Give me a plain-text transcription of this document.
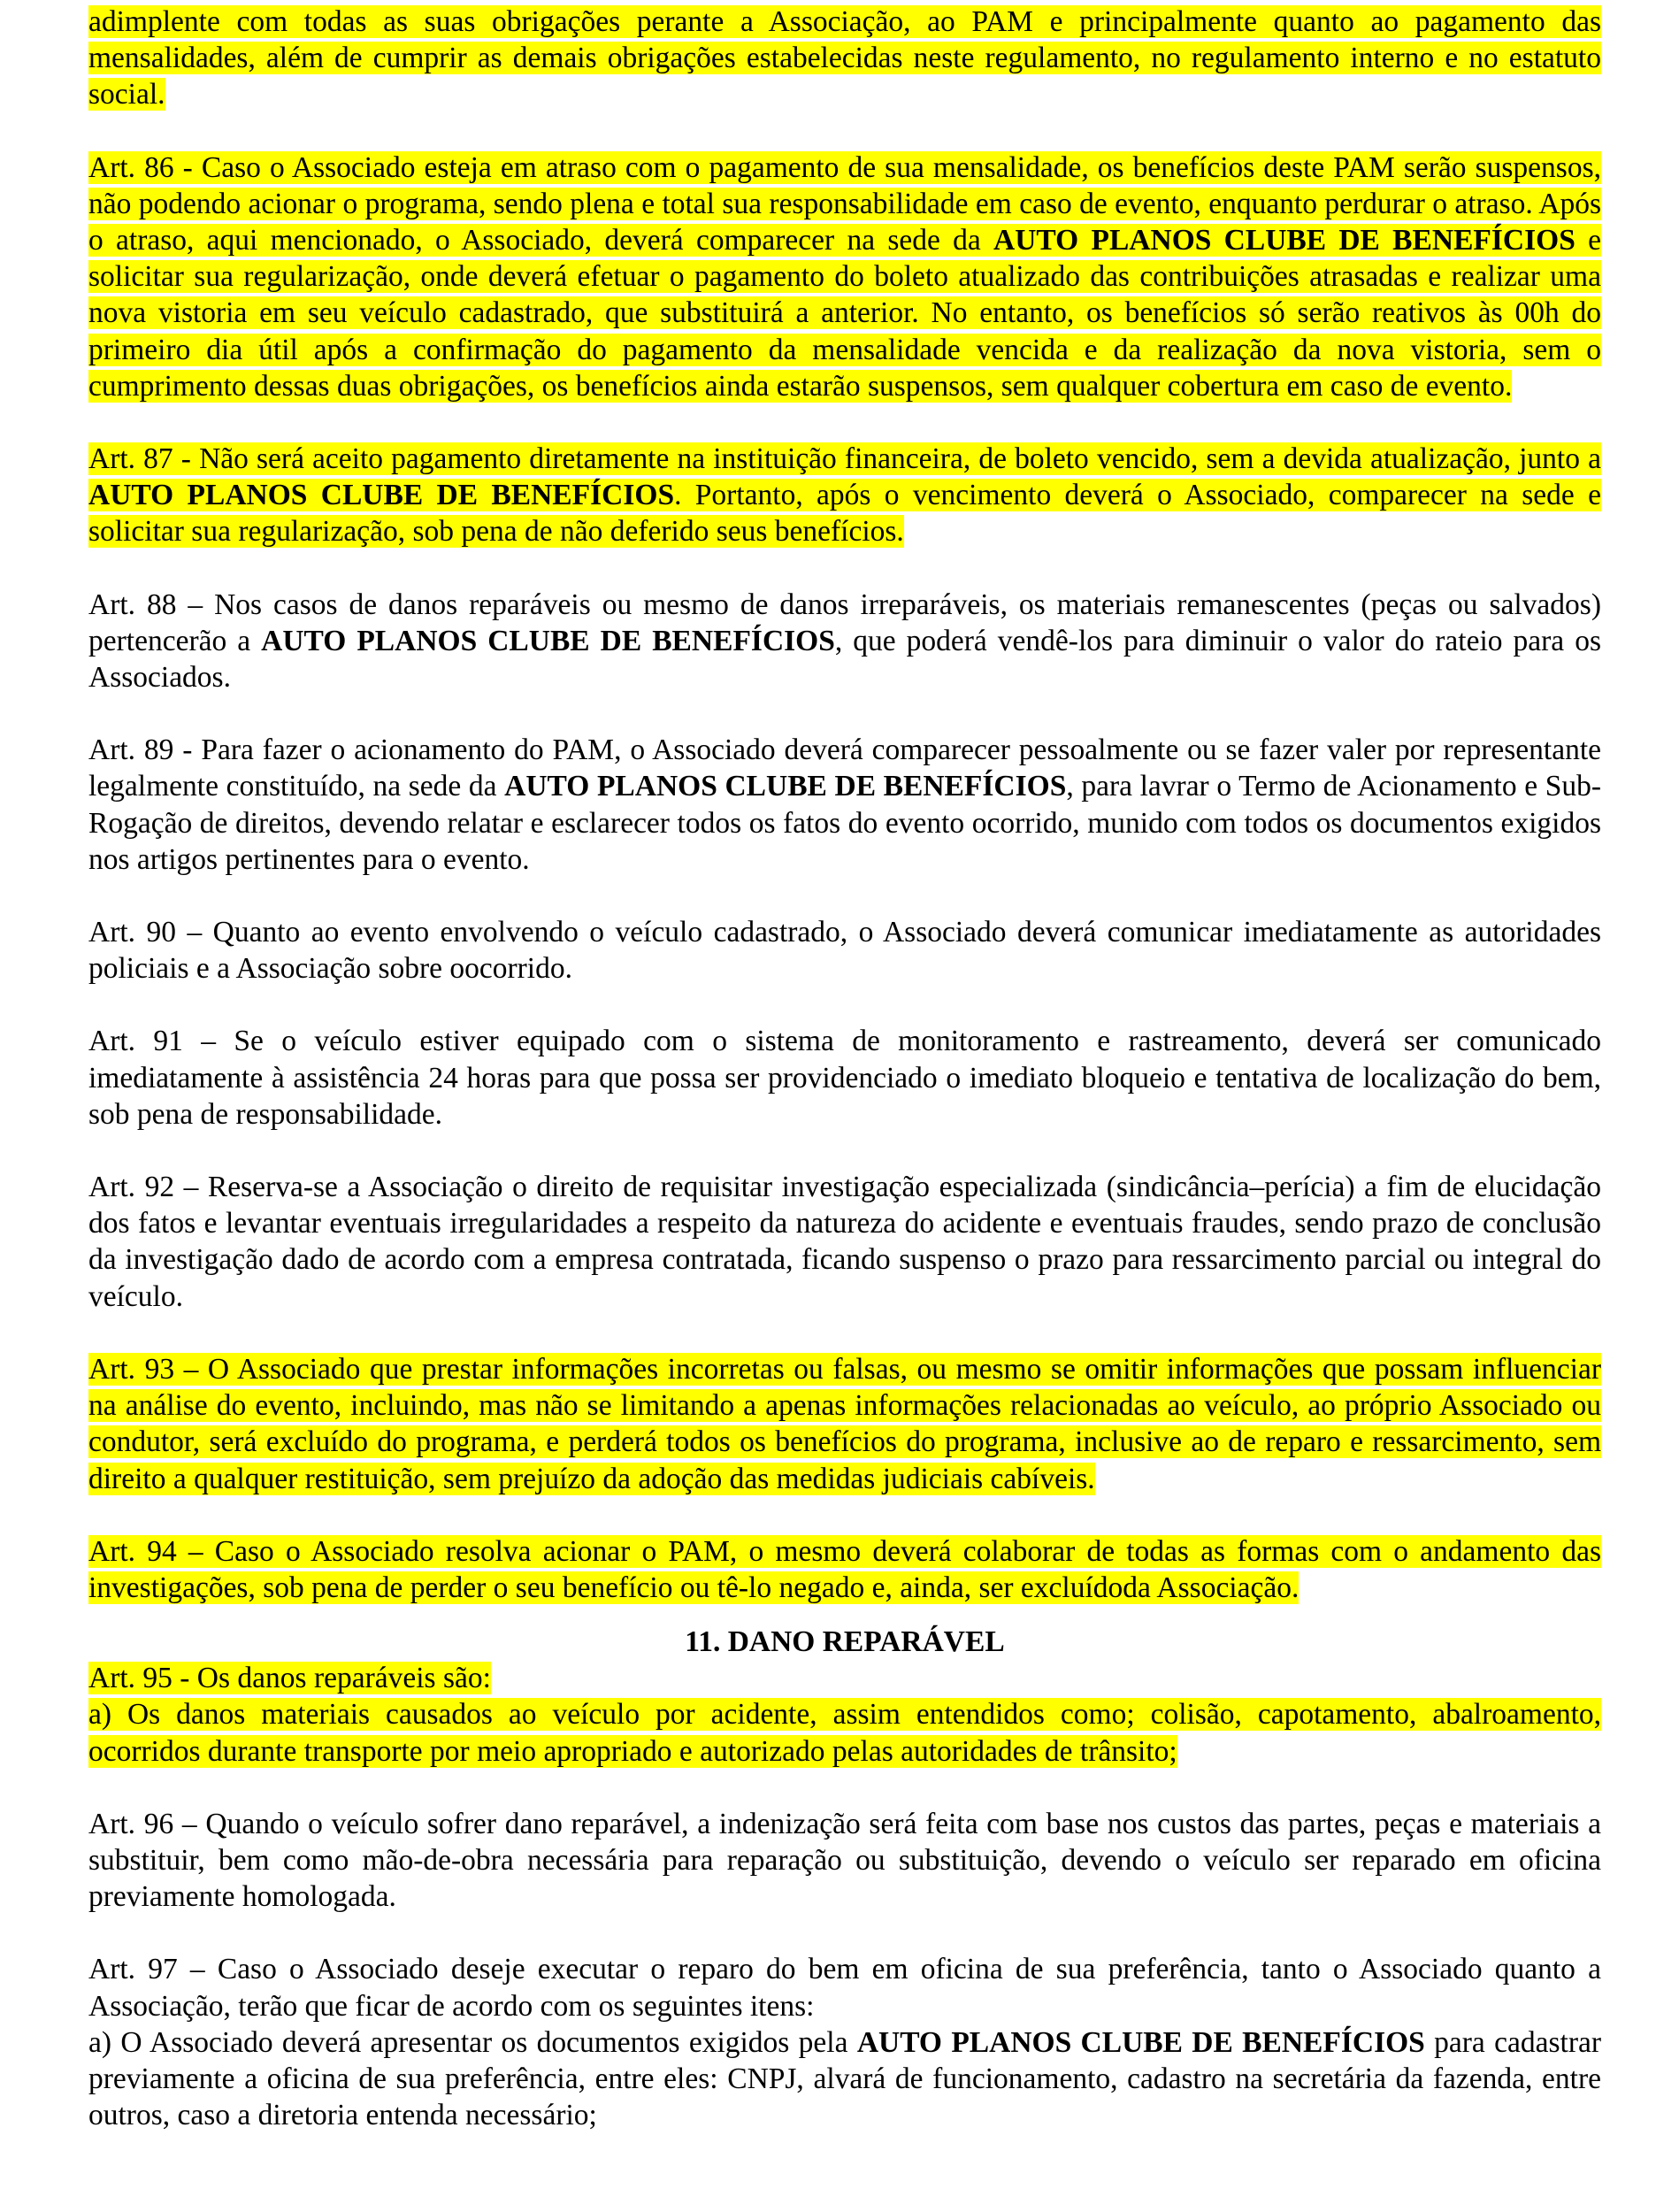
adimplente com todas as suas obrigações perante a Associação, ao PAM e principalmente quanto ao pagamento das mensalidades, além de cumprir as demais obrigações estabelecidas neste regulamento, no regulamento interno e no estatuto social.

Art. 86 - Caso o Associado esteja em atraso com o pagamento de sua mensalidade, os benefícios deste PAM serão suspensos, não podendo acionar o programa, sendo plena e total sua responsabilidade em caso de evento, enquanto perdurar o atraso. Após o atraso, aqui mencionado, o Associado, deverá comparecer na sede da AUTO PLANOS CLUBE DE BENEFÍCIOS e solicitar sua regularização, onde deverá efetuar o pagamento do boleto atualizado das contribuições atrasadas e realizar uma nova vistoria em seu veículo cadastrado, que substituirá a anterior. No entanto, os benefícios só serão reativos às 00h do primeiro dia útil após a confirmação do pagamento da mensalidade vencida e da realização da nova vistoria, sem o cumprimento dessas duas obrigações, os benefícios ainda estarão suspensos, sem qualquer cobertura em caso de evento.

Art. 87 - Não será aceito pagamento diretamente na instituição financeira, de boleto vencido, sem a devida atualização, junto a AUTO PLANOS CLUBE DE BENEFÍCIOS. Portanto, após o vencimento deverá o Associado, comparecer na sede e solicitar sua regularização, sob pena de não deferido seus benefícios.

Art. 88 – Nos casos de danos reparáveis ou mesmo de danos irreparáveis, os materiais remanescentes (peças ou salvados) pertencerão a AUTO PLANOS CLUBE DE BENEFÍCIOS, que poderá vendê-los para diminuir o valor do rateio para os Associados.

Art. 89 - Para fazer o acionamento do PAM, o Associado deverá comparecer pessoalmente ou se fazer valer por representante legalmente constituído, na sede da AUTO PLANOS CLUBE DE BENEFÍCIOS, para lavrar o Termo de Acionamento e Sub-Rogação de direitos, devendo relatar e esclarecer todos os fatos do evento ocorrido, munido com todos os documentos exigidos nos artigos pertinentes para o evento.

Art. 90 – Quanto ao evento envolvendo o veículo cadastrado, o Associado deverá comunicar imediatamente as autoridades policiais e a Associação sobre oocorrido.

Art. 91 – Se o veículo estiver equipado com o sistema de monitoramento e rastreamento, deverá ser comunicado imediatamente à assistência 24 horas para que possa ser providenciado o imediato bloqueio e tentativa de localização do bem, sob pena de responsabilidade.

Art. 92 – Reserva-se a Associação o direito de requisitar investigação especializada (sindicância–perícia) a fim de elucidação dos fatos e levantar eventuais irregularidades a respeito da natureza do acidente e eventuais fraudes, sendo prazo de conclusão da investigação dado de acordo com a empresa contratada, ficando suspenso o prazo para ressarcimento parcial ou integral do veículo.

Art. 93 – O Associado que prestar informações incorretas ou falsas, ou mesmo se omitir informações que possam influenciar na análise do evento, incluindo, mas não se limitando a apenas informações relacionadas ao veículo, ao próprio Associado ou condutor, será excluído do programa, e perderá todos os benefícios do programa, inclusive ao de reparo e ressarcimento, sem direito a qualquer restituição, sem prejuízo da adoção das medidas judiciais cabíveis.

Art. 94 – Caso o Associado resolva acionar o PAM, o mesmo deverá colaborar de todas as formas com o andamento das investigações, sob pena de perder o seu benefício ou tê-lo negado e, ainda, ser excluídoda Associação.

11. DANO REPARÁVEL

Art. 95 - Os danos reparáveis são:

a) Os danos materiais causados ao veículo por acidente, assim entendidos como; colisão, capotamento, abalroamento, ocorridos durante transporte por meio apropriado e autorizado pelas autoridades de trânsito;

Art. 96 – Quando o veículo sofrer dano reparável, a indenização será feita com base nos custos das partes, peças e materiais a substituir, bem como mão-de-obra necessária para reparação ou substituição, devendo o veículo ser reparado em oficina previamente homologada.

Art. 97 – Caso o Associado deseje executar o reparo do bem em oficina de sua preferência, tanto o Associado quanto a Associação, terão que ficar de acordo com os seguintes itens:

a) O Associado deverá apresentar os documentos exigidos pela AUTO PLANOS CLUBE DE BENEFÍCIOS para cadastrar previamente a oficina de sua preferência, entre eles: CNPJ, alvará de funcionamento, cadastro na secretária da fazenda, entre outros, caso a diretoria entenda necessário;
